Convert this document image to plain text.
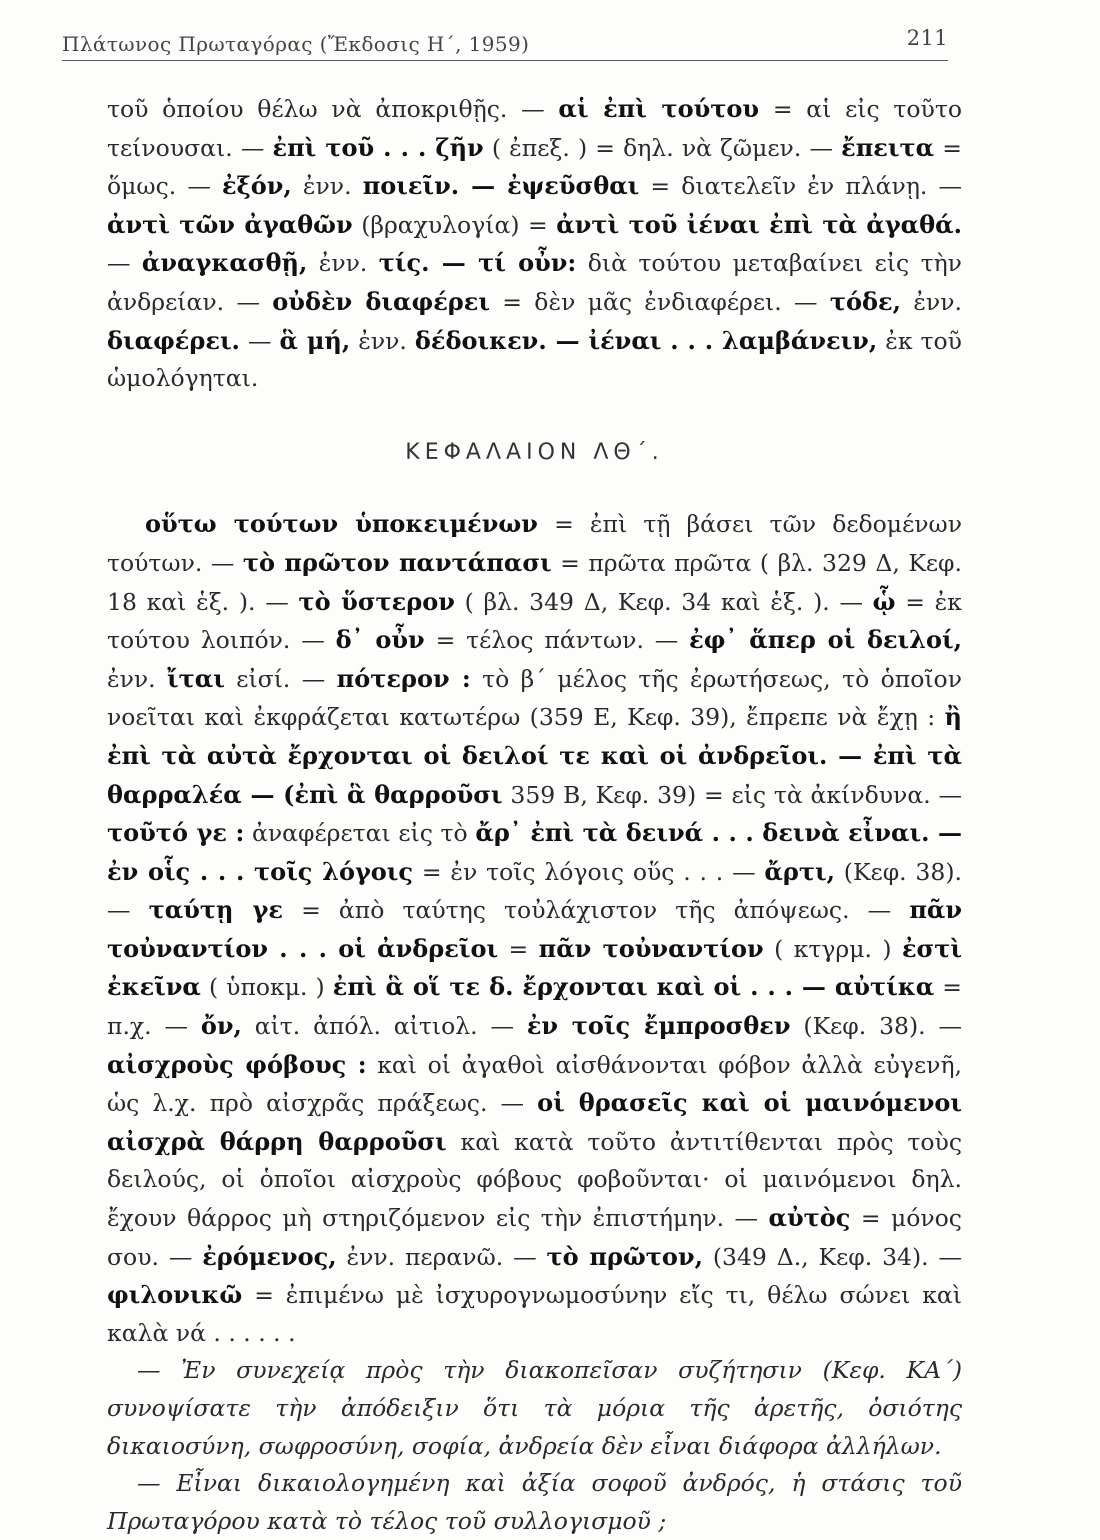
Πλάτωνος Πρωταγόρας (Ἔκδοσις Η΄, 1959)	211

τοῦ ὁποίου θέλω νὰ ἀποκριθῇς. — αἱ ἐπὶ τούτου = αἱ εἰς τοῦτο τείνουσαι. — ἐπὶ τοῦ . . . ζῆν ( ἐπεξ. ) = δηλ. νὰ ζῶμεν. — ἔπειτα = ὅμως. — ἐξόν, ἐνν. ποιεῖν. — ἐψεῦσθαι = διατελεῖν ἐν πλάνῃ. — ἀντὶ τῶν ἀγαθῶν (βραχυλογία) = ἀντὶ τοῦ ἰέναι ἐπὶ τὰ ἀγαθά. — ἀναγκασθῇ, ἐνν. τίς. — τί οὖν: διὰ τούτου μεταβαίνει εἰς τὴν ἀνδρείαν. — οὐδὲν διαφέρει = δὲν μᾶς ἐνδιαφέρει. — τόδε, ἐνν. διαφέρει. — ἃ μή, ἐνν. δέδοικεν. — ἰέναι . . . λαμβάνειν, ἐκ τοῦ ὡμολόγηται.

ΚΕΦΑΛΑΙΟΝ ΛΘ΄.

οὕτω τούτων ὑποκειμένων = ἐπὶ τῇ βάσει τῶν δεδομένων τούτων. — τὸ πρῶτον παντάπασι = πρῶτα πρῶτα ( βλ. 329 Δ, Κεφ. 18 καὶ ἑξ. ). — τὸ ὕστερον ( βλ. 349 Δ, Κεφ. 34 καὶ ἑξ. ). — ᾧ = ἐκ τούτου λοιπόν. — δ᾿ οὖν = τέλος πάντων. — ἐφ᾿ ἅπερ οἱ δειλοί, ἐνν. ἴται εἰσί. — πότερον : τὸ β΄ μέλος τῆς ἐρωτήσεως, τὸ ὁποῖον νοεῖται καὶ ἐκφράζεται κατωτέρω (359 Ε, Κεφ. 39), ἔπρεπε νὰ ἔχῃ : ἢ ἐπὶ τὰ αὐτὰ ἔρχονται οἱ δειλοί τε καὶ οἱ ἀνδρεῖοι. — ἐπὶ τὰ θαρραλέα — (ἐπὶ ἃ θαρροῦσι 359 Β, Κεφ. 39) = εἰς τὰ ἀκίνδυνα. — τοῦτό γε : ἀναφέρεται εἰς τὸ ἄρ᾿ ἐπὶ τὰ δεινά . . . δεινὰ εἶναι. — ἐν οἷς . . . τοῖς λόγοις = ἐν τοῖς λόγοις οὕς . . . — ἄρτι, (Κεφ. 38). — ταύτῃ γε = ἀπὸ ταύτης τοὐλάχιστον τῆς ἀπόψεως. — πᾶν τοὐναντίον . . . οἱ ἀνδρεῖοι = πᾶν τοὐναντίον ( κτγρμ. ) ἐστὶ ἐκεῖνα ( ὑποκμ. ) ἐπὶ ἃ οἵ τε δ. ἔρχονται καὶ οἱ . . . — αὐτίκα = π.χ. — ὄν, αἰτ. ἀπόλ. αἰτιολ. — ἐν τοῖς ἔμπροσθεν (Κεφ. 38). — αἰσχροὺς φόβους : καὶ οἱ ἀγαθοὶ αἰσθάνονται φόβον ἀλλὰ εὐγενῆ, ὡς λ.χ. πρὸ αἰσχρᾶς πράξεως. — οἱ θρασεῖς καὶ οἱ μαινόμενοι αἰσχρὰ θάρρη θαρροῦσι καὶ κατὰ τοῦτο ἀντιτίθενται πρὸς τοὺς δειλούς, οἱ ὁποῖοι αἰσχροὺς φόβους φοβοῦνται· οἱ μαινόμενοι δηλ. ἔχουν θάρρος μὴ στηριζόμενον εἰς τὴν ἐπιστήμην. — αὐτὸς = μόνος σου. — ἐρόμενος, ἐνν. περανῶ. — τὸ πρῶτον, (349 Δ., Κεφ. 34). — φιλονικῶ = ἐπιμένω μὲ ἰσχυρογνωμοσύνην εἴς τι, θέλω σώνει καὶ καλὰ νά . . . . . .

— Ἐν συνεχείᾳ πρὸς τὴν διακοπεῖσαν συζήτησιν (Κεφ. ΚΑ΄) συνοψίσατε τὴν ἀπόδειξιν ὅτι τὰ μόρια τῆς ἀρετῆς, ὁσιότης δικαιοσύνη, σωφροσύνη, σοφία, ἀνδρεία δὲν εἶναι διάφορα ἀλλήλων.

— Εἶναι δικαιολογημένη καὶ ἀξία σοφοῦ ἀνδρός, ἡ στάσις τοῦ Πρωταγόρου κατὰ τὸ τέλος τοῦ συλλογισμοῦ ;
